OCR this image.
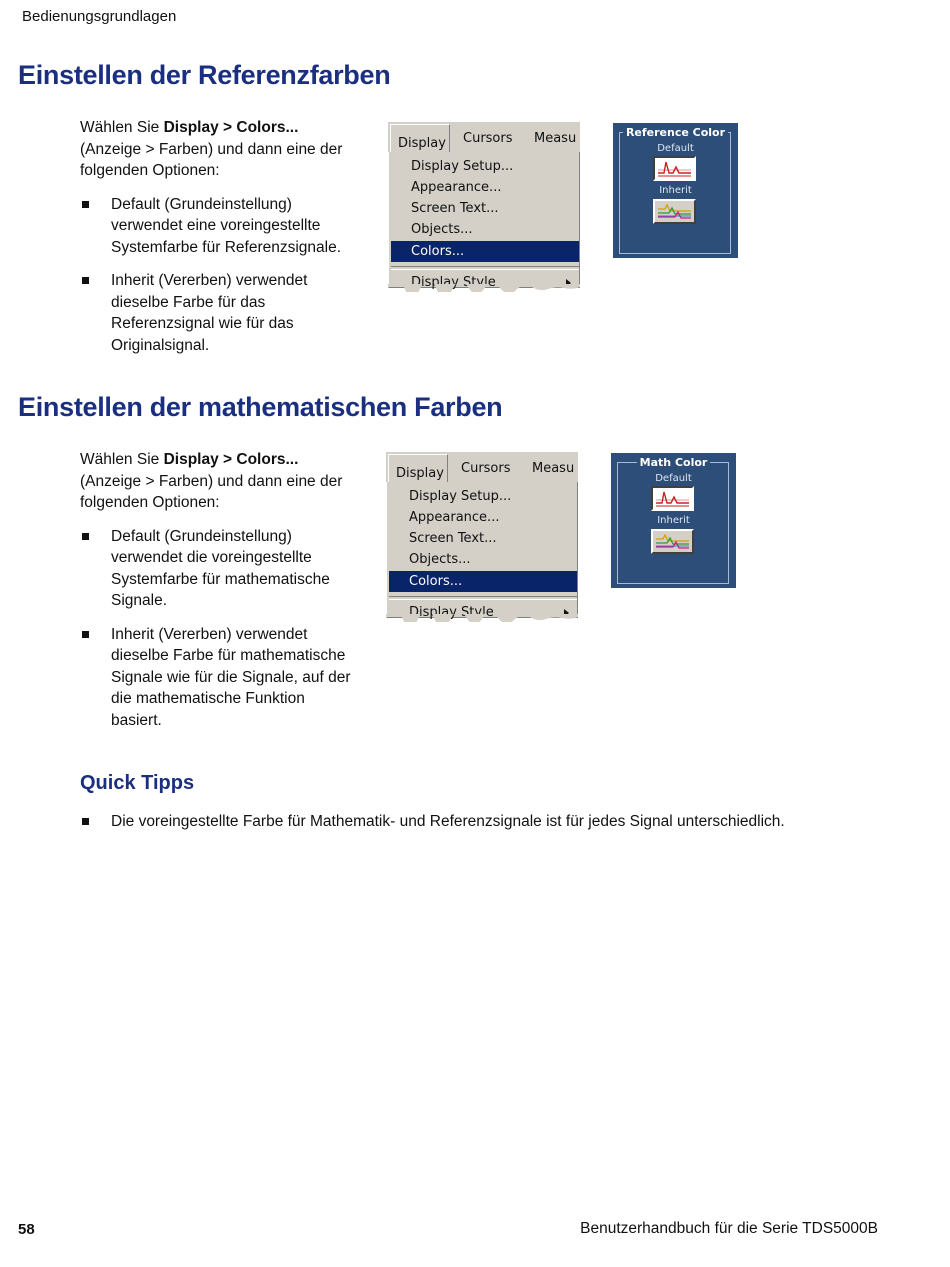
Bedienungsgrundlagen
Einstellen der Referenzfarben

Wählen Sie Display > Colors... (Anzeige > Farben) und dann eine der folgenden Optionen:

Default (Grundeinstellung) verwendet eine voreingestellte Systemfarbe für Referenzsignale.
Inherit (Vererben) verwendet dieselbe Farbe für das Referenzsignal wie für das Originalsignal.
Display	Cursors Measu
Display Setup...
Appearance...
Screen Text...
Objects...
Colors...
Display Style
Reference Color
Default
Inherit
Einstellen der mathematischen Farben

Wählen Sie Display > Colors... (Anzeige > Farben) und dann eine der folgenden Optionen:

Default (Grundeinstellung) verwendet die voreingestellte Systemfarbe für mathematische Signale.
Inherit (Vererben) verwendet dieselbe Farbe für mathematische Signale wie für die Signale, auf der die mathematische Funktion basiert.
Display	Cursors Measu
Display Setup...
Appearance...
Screen Text...
Objects...
Colors...
Display Style
Math Color
Default
Inherit
Quick Tipps
Die voreingestellte Farbe für Mathematik- und Referenzsignale ist für jedes Signal unterschiedlich.
58	Benutzerhandbuch für die Serie TDS5000B
